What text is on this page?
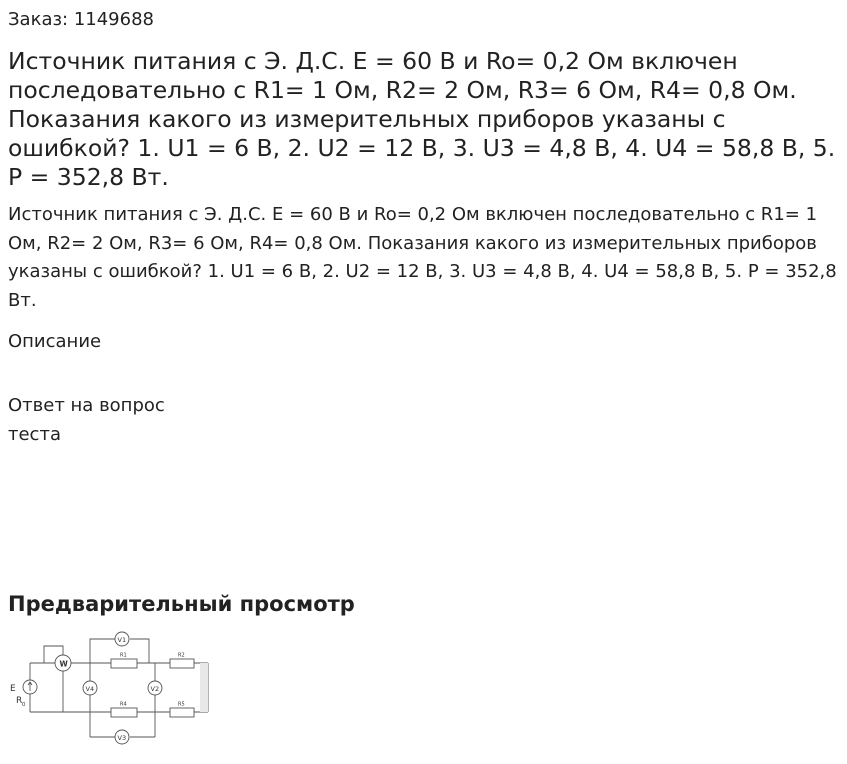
Заказ: 1149688
Источник питания с Э. Д.С. Е = 60 В и Ro= 0,2 Ом включен последовательно с R1= 1 Ом, R2= 2 Ом, R3= 6 Ом, R4= 0,8 Ом. Показания какого из измерительных приборов указаны с ошибкой? 1. U1 = 6 В, 2. U2 = 12 В, 3. U3 = 4,8 В, 4. U4 = 58,8 В, 5. Р = 352,8 Вт.
Источник питания с Э. Д.С. Е = 60 В и Ro= 0,2 Ом включен последовательно с R1= 1 Ом, R2= 2 Ом, R3= 6 Ом, R4= 0,8 Ом. Показания какого из измерительных приборов указаны с ошибкой? 1. U1 = 6 В, 2. U2 = 12 В, 3. U3 = 4,8 В, 4. U4 = 58,8 В, 5. Р = 352,8 Вт.
Описание
Ответ на вопрос теста
Предварительный просмотр
E
R 0
W
V1
V4	V2
V3
R1	R2
R4	R5
